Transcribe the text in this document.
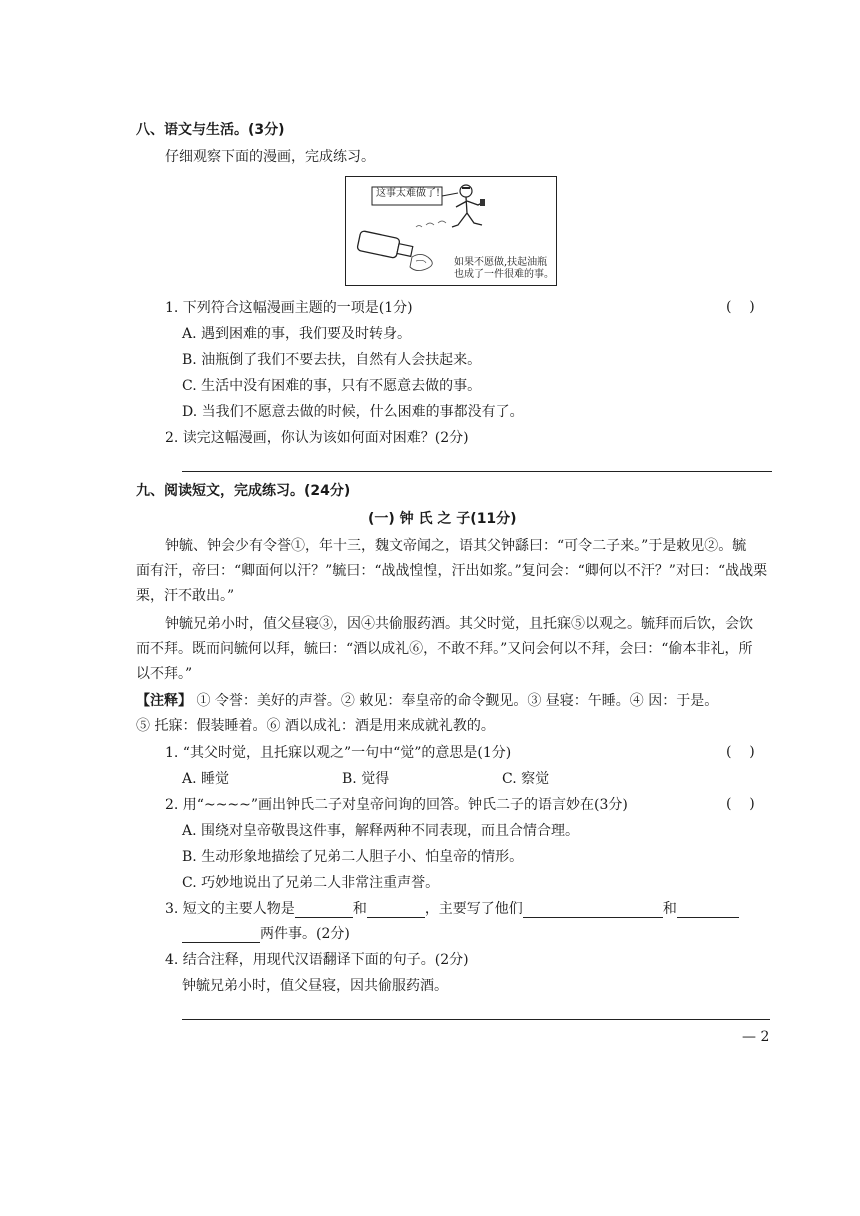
八、语文与生活。(3分)
仔细观察下面的漫画，完成练习。
这事太难做了!
如果不愿做,扶起油瓶
也成了一件很难的事。
1. 下列符合这幅漫画主题的一项是(1分)	(    )
A. 遇到困难的事，我们要及时转身。
B. 油瓶倒了我们不要去扶，自然有人会扶起来。
C. 生活中没有困难的事，只有不愿意去做的事。
D. 当我们不愿意去做的时候，什么困难的事都没有了。
2. 读完这幅漫画，你认为该如何面对困难？(2分)
九、阅读短文，完成练习。(24分)
(一) 钟 氏 之 子(11分)
钟毓、钟会少有令誉①，年十三，魏文帝闻之，语其父钟繇曰：“可令二子来。”于是敕见②。毓
面有汗，帝曰：“卿面何以汗？”毓曰：“战战惶惶，汗出如浆。”复问会：“卿何以不汗？”对曰：“战战栗
栗，汗不敢出。”
钟毓兄弟小时，值父昼寝③，因④共偷服药酒。其父时觉，且托寐⑤以观之。毓拜而后饮，会饮
而不拜。既而问毓何以拜，毓曰：“酒以成礼⑥，不敢不拜。”又问会何以不拜，会曰：“偷本非礼，所
以不拜。”
【注释】 ① 令誉：美好的声誉。② 敕见：奉皇帝的命令觐见。③ 昼寝：午睡。④ 因：于是。
⑤ 托寐：假装睡着。⑥ 酒以成礼：酒是用来成就礼教的。
1. “其父时觉，且托寐以观之”一句中“觉”的意思是(1分)	(    )
A. 睡觉	B. 觉得	C. 察觉
2. 用“~~~~”画出钟氏二子对皇帝问询的回答。钟氏二子的语言妙在(3分)	(    )
A. 围绕对皇帝敬畏这件事，解释两种不同表现，而且合情合理。
B. 生动形象地描绘了兄弟二人胆子小、怕皇帝的情形。
C. 巧妙地说出了兄弟二人非常注重声誉。
3. 短文的主要人物是	和	，主要写了他们	和
两件事。(2分)
4. 结合注释，用现代汉语翻译下面的句子。(2分)
钟毓兄弟小时，值父昼寝，因共偷服药酒。
— 2
